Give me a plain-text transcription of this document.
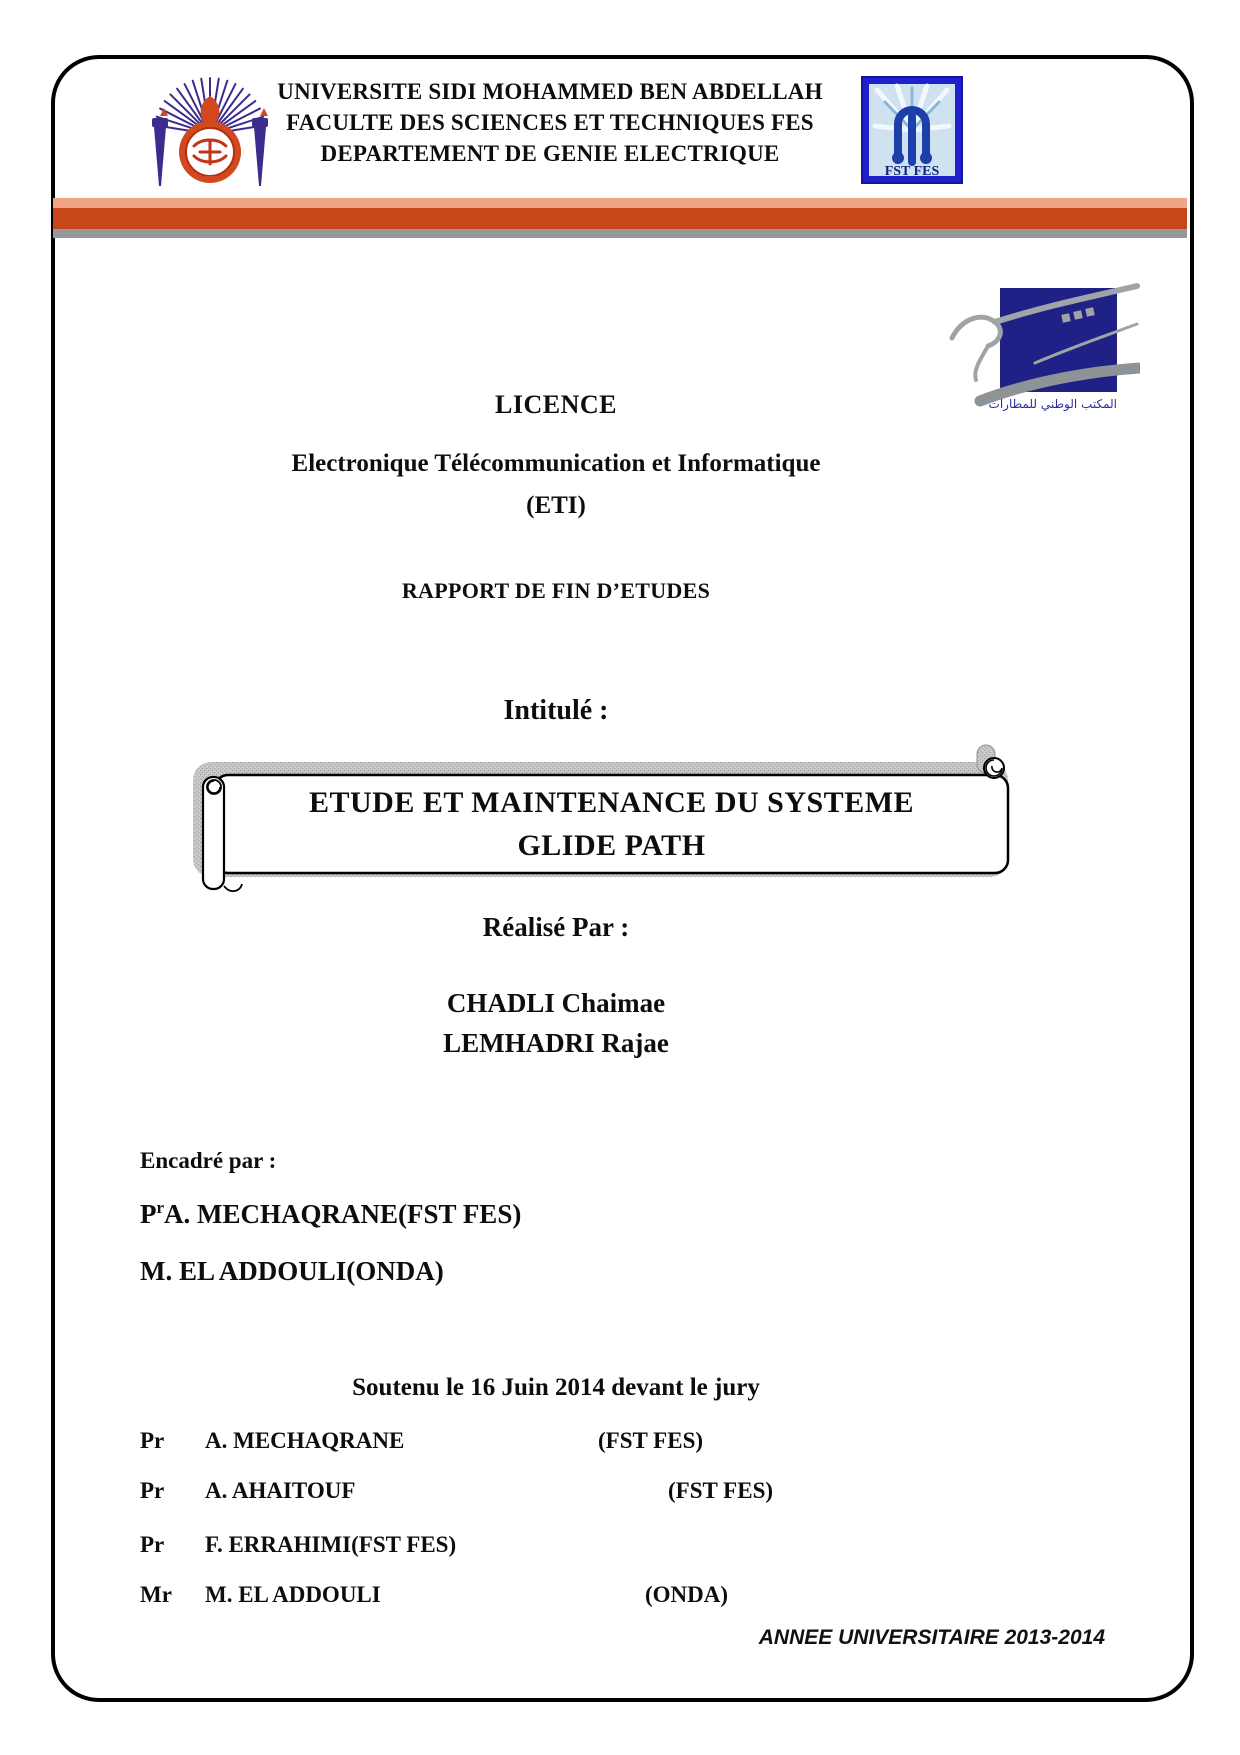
UNIVERSITE SIDI MOHAMMED BEN ABDELLAH
FACULTE DES SCIENCES ET TECHNIQUES FES
DEPARTEMENT DE GENIE ELECTRIQUE
FST FES
المكتب الوطني للمطارات
LICENCE
Electronique Télécommunication et Informatique
(ETI)
RAPPORT DE FIN D’ETUDES
Intitulé :
ETUDE ET MAINTENANCE DU SYSTEME
GLIDE PATH
Réalisé Par :
CHADLI Chaimae
LEMHADRI Rajae
Encadré par :
$P^rA$. MECHAQRANE(FST FES)
M. EL ADDOULI(ONDA)
Soutenu le 16 Juin 2014 devant le jury
Pr A. MECHAQRANE	(FST FES)
Pr A. AHAITOUF	(FST FES)
Pr F. ERRAHIMI(FST FES)
Mr M. EL ADDOULI	(ONDA)
ANNEE UNIVERSITAIRE 2013-2014
